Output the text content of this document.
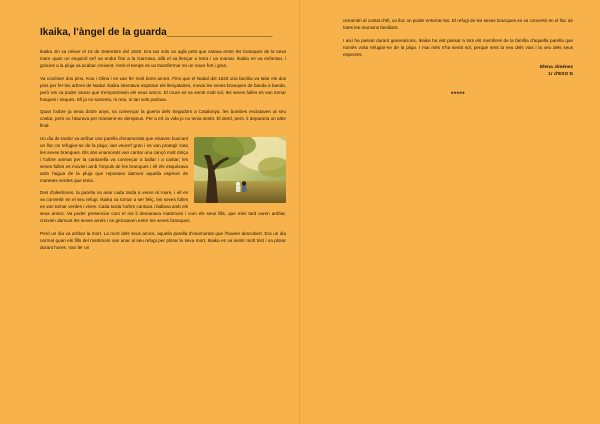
Ikaika, l’àngel de la guarda___________________

Ikaika Jin va néixer el 16 de Setembre del 1628. Era tan sols un aglà petit que estava entre les branques de la seva mare quan un esquirol se'l va endur fins a la Garrotxa, allà el va llençar a terra i va marxar. Ikaika es va enfonsar, i gràcies a la pluja va acabar creixent. Amb el temps es va transformar en un roure fort i gran.

Va conèixer dos pins, Koa i Olina i es van fer molt bons amics. Fins que el Nadal del 1633 una família va talar els dos pins per fer-los arbres de Nadal. Ikaika intentava espantar els llenyataires, movia les seves branques de banda a banda, però res va poder aturar que s'emportessin els seus amics. El roure es va sentir molt sol, les seves fulles es van tornar fosques i seques. Ell ja no somreia, ni reia, ni tan sols parlava.

Quan l'arbre ja tenia dotze anys, va començar la guerra dels Segadors a Catalunya, les bombes esclataven al seu costat, però no l'aturava per mantenir-se dempeus. Per a ell, la vida jo no tenia sentit. El destí, però, li depararia un altre final.

Un dia de tardor va arribar una parella d'enamorats que estaven buscant un lloc on refugiar-se de la pluja; van veure'l gran i es van protegir sota les seves branques. Els dos enamorats van cantar una cançó molt dolça i l'arbre animat per la cantarella va començar a ballar i a cantar; les seves fulles es movien amb l'impuls de les branques i ell els esquitxava amb l'aigua de la pluja que reposava damunt aquella espècie de manetes verdes que tenia.

Des d'aleshores, la parella va anar cada tarda a veure al roure, i ell es va convertir en el seu refugi. Ikaika va tornar a ser feliç, les seves fulles es van tornar verdes i vives. Cada tarda l'arbre cantava i ballava amb els seus amics. Va poder presenciar com el noi li demanava matrimoni i com els seus fills, que més tard varen arribar, creixien damunt les seves arrels i es gronxaven entre les seves branques.

Però un dia va arribar la mort. La mort dels seus amics, aquella parella d'enamorats que l'havien descobert. Era un dia normal quan els fills del matrimoni van anar al seu refugi per plorar la seva mort, Ikaika es va sentir molt trist i va plorar durant hores. Van fer un

cementiri al costat d'ell, un lloc on poder enterrar-los. El refugi de les seves branques es va convertir en el lloc de totes les reunions familiars.

I així ha passat durant generacions, Ikaika ha vist passar a tots els membres de la família d'aquella parella que només volia refugiar-se de la pluja. I mai més s'ha sentit sol, perquè sent la veu dels vius i la veu dels seus espectes.

Elena Jiménez

1r d'ESO D

*****
